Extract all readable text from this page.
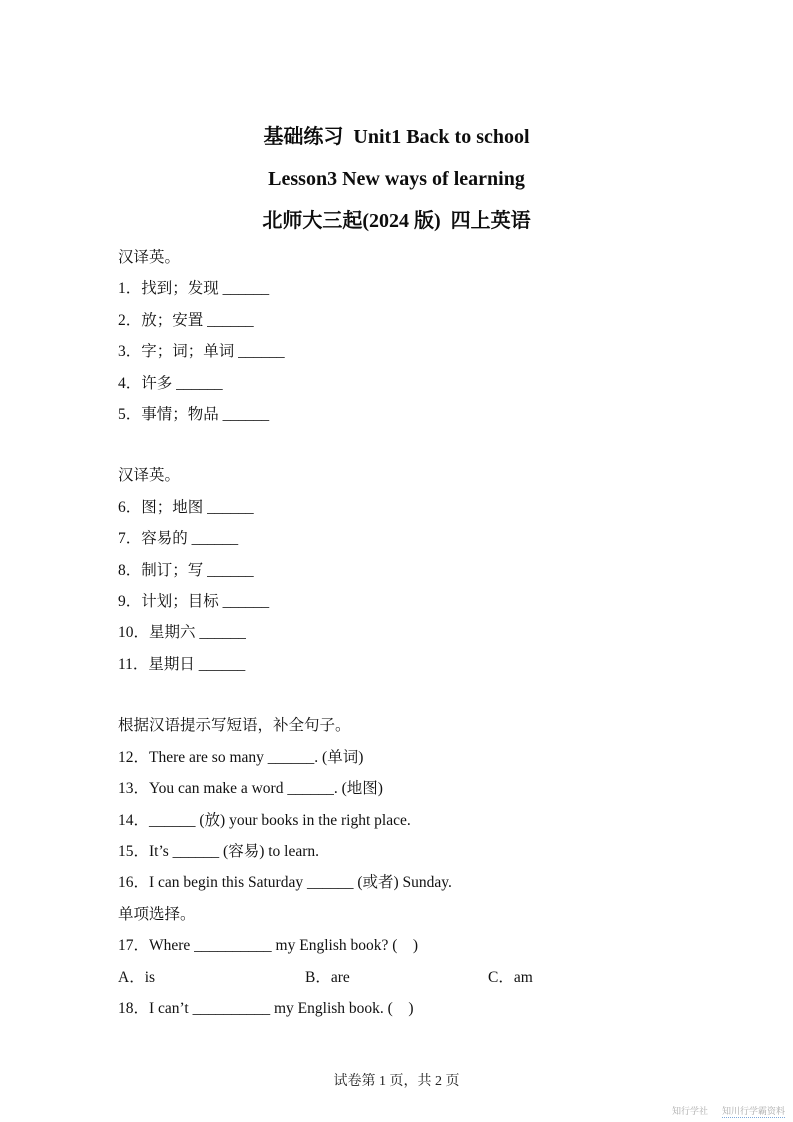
基础练习  Unit1 Back to school
Lesson3 New ways of learning
北师大三起(2024 版)  四上英语
汉译英。
1．找到；发现 ______
2．放；安置 ______
3．字；词；单词 ______
4．许多 ______
5．事情；物品 ______
汉译英。
6．图；地图 ______
7．容易的 ______
8．制订；写 ______
9．计划；目标 ______
10．星期六 ______
11．星期日 ______
根据汉语提示写短语，补全句子。
12．There are so many ______. (单词)
13．You can make a word ______. (地图)
14．______ (放) your books in the right place.
15．It’s ______ (容易) to learn.
16．I can begin this Saturday ______ (或者) Sunday.
单项选择。
17．Where __________ my English book? (    )
A．is	B．are	C．am
18．I can’t __________ my English book. (    )
试卷第 1 页，共 2 页
知行学社 知川行学霸资料
